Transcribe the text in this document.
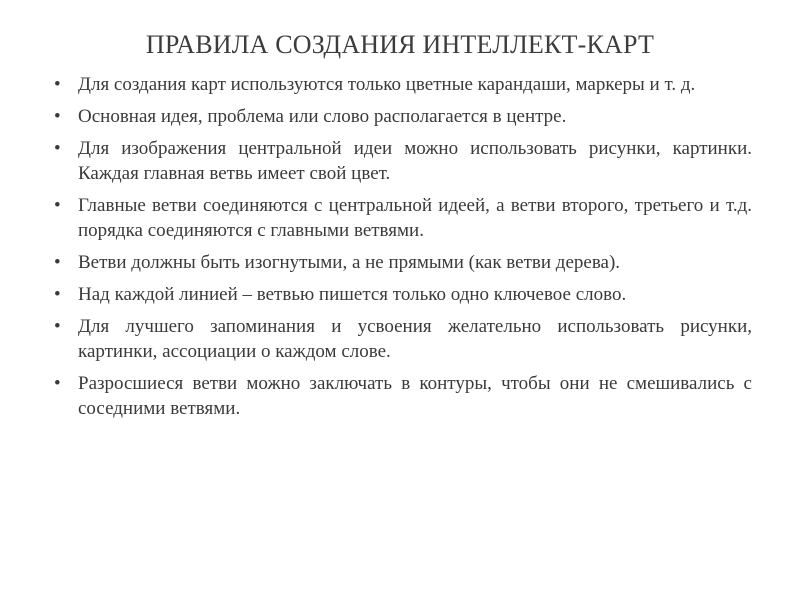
ПРАВИЛА СОЗДАНИЯ ИНТЕЛЛЕКТ-КАРТ
• Для создания карт используются только цветные карандаши, маркеры и т. д.
• Основная идея, проблема или слово располагается в центре.
• Для изображения центральной идеи можно использовать рисунки, картинки. Каждая главная ветвь имеет свой цвет.
• Главные ветви соединяются с центральной идеей, а ветви второго, третьего и т.д. порядка соединяются с главными ветвями.
• Ветви должны быть изогнутыми, а не прямыми (как ветви дерева).
• Над каждой линией – ветвью пишется только одно ключевое слово.
• Для лучшего запоминания и усвоения желательно использовать рисунки, картинки, ассоциации о каждом слове.
• Разросшиеся ветви можно заключать в контуры, чтобы они не смешивались с соседними ветвями.
